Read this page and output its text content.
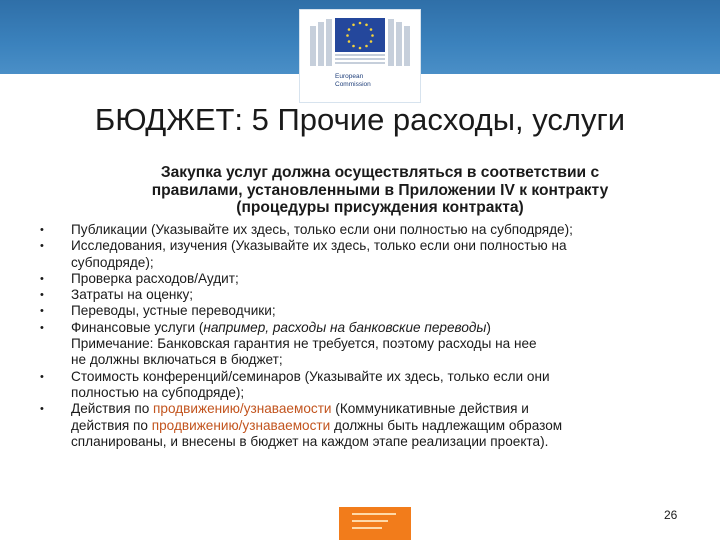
European
Commission
БЮДЖЕТ: 5 Прочие расходы, услуги

Закупка услуг должна осуществляться в соответствии с
правилами, установленными в Приложении IV к контракту
(процедуры присуждения контракта)

• Публикации (Указывайте их здесь, только если они полностью на субподряде);
• Исследования, изучения (Указывайте их здесь, только если они полностью на
субподряде);
• Проверка расходов/Аудит;
• Затраты на оценку;
• Переводы, устные переводчики;
• Финансовые услуги (например, расходы на банковские переводы)
Примечание: Банковская гарантия не требуется, поэтому расходы на нее
не должны включаться в бюджет;
• Стоимость конференций/семинаров (Указывайте их здесь, только если они
полностью на субподряде);
• Действия по продвижению/узнаваемости (Коммуникативные действия и
действия по продвижению/узнаваемости должны быть надлежащим образом
спланированы, и внесены в бюджет на каждом этапе реализации проекта).
26
